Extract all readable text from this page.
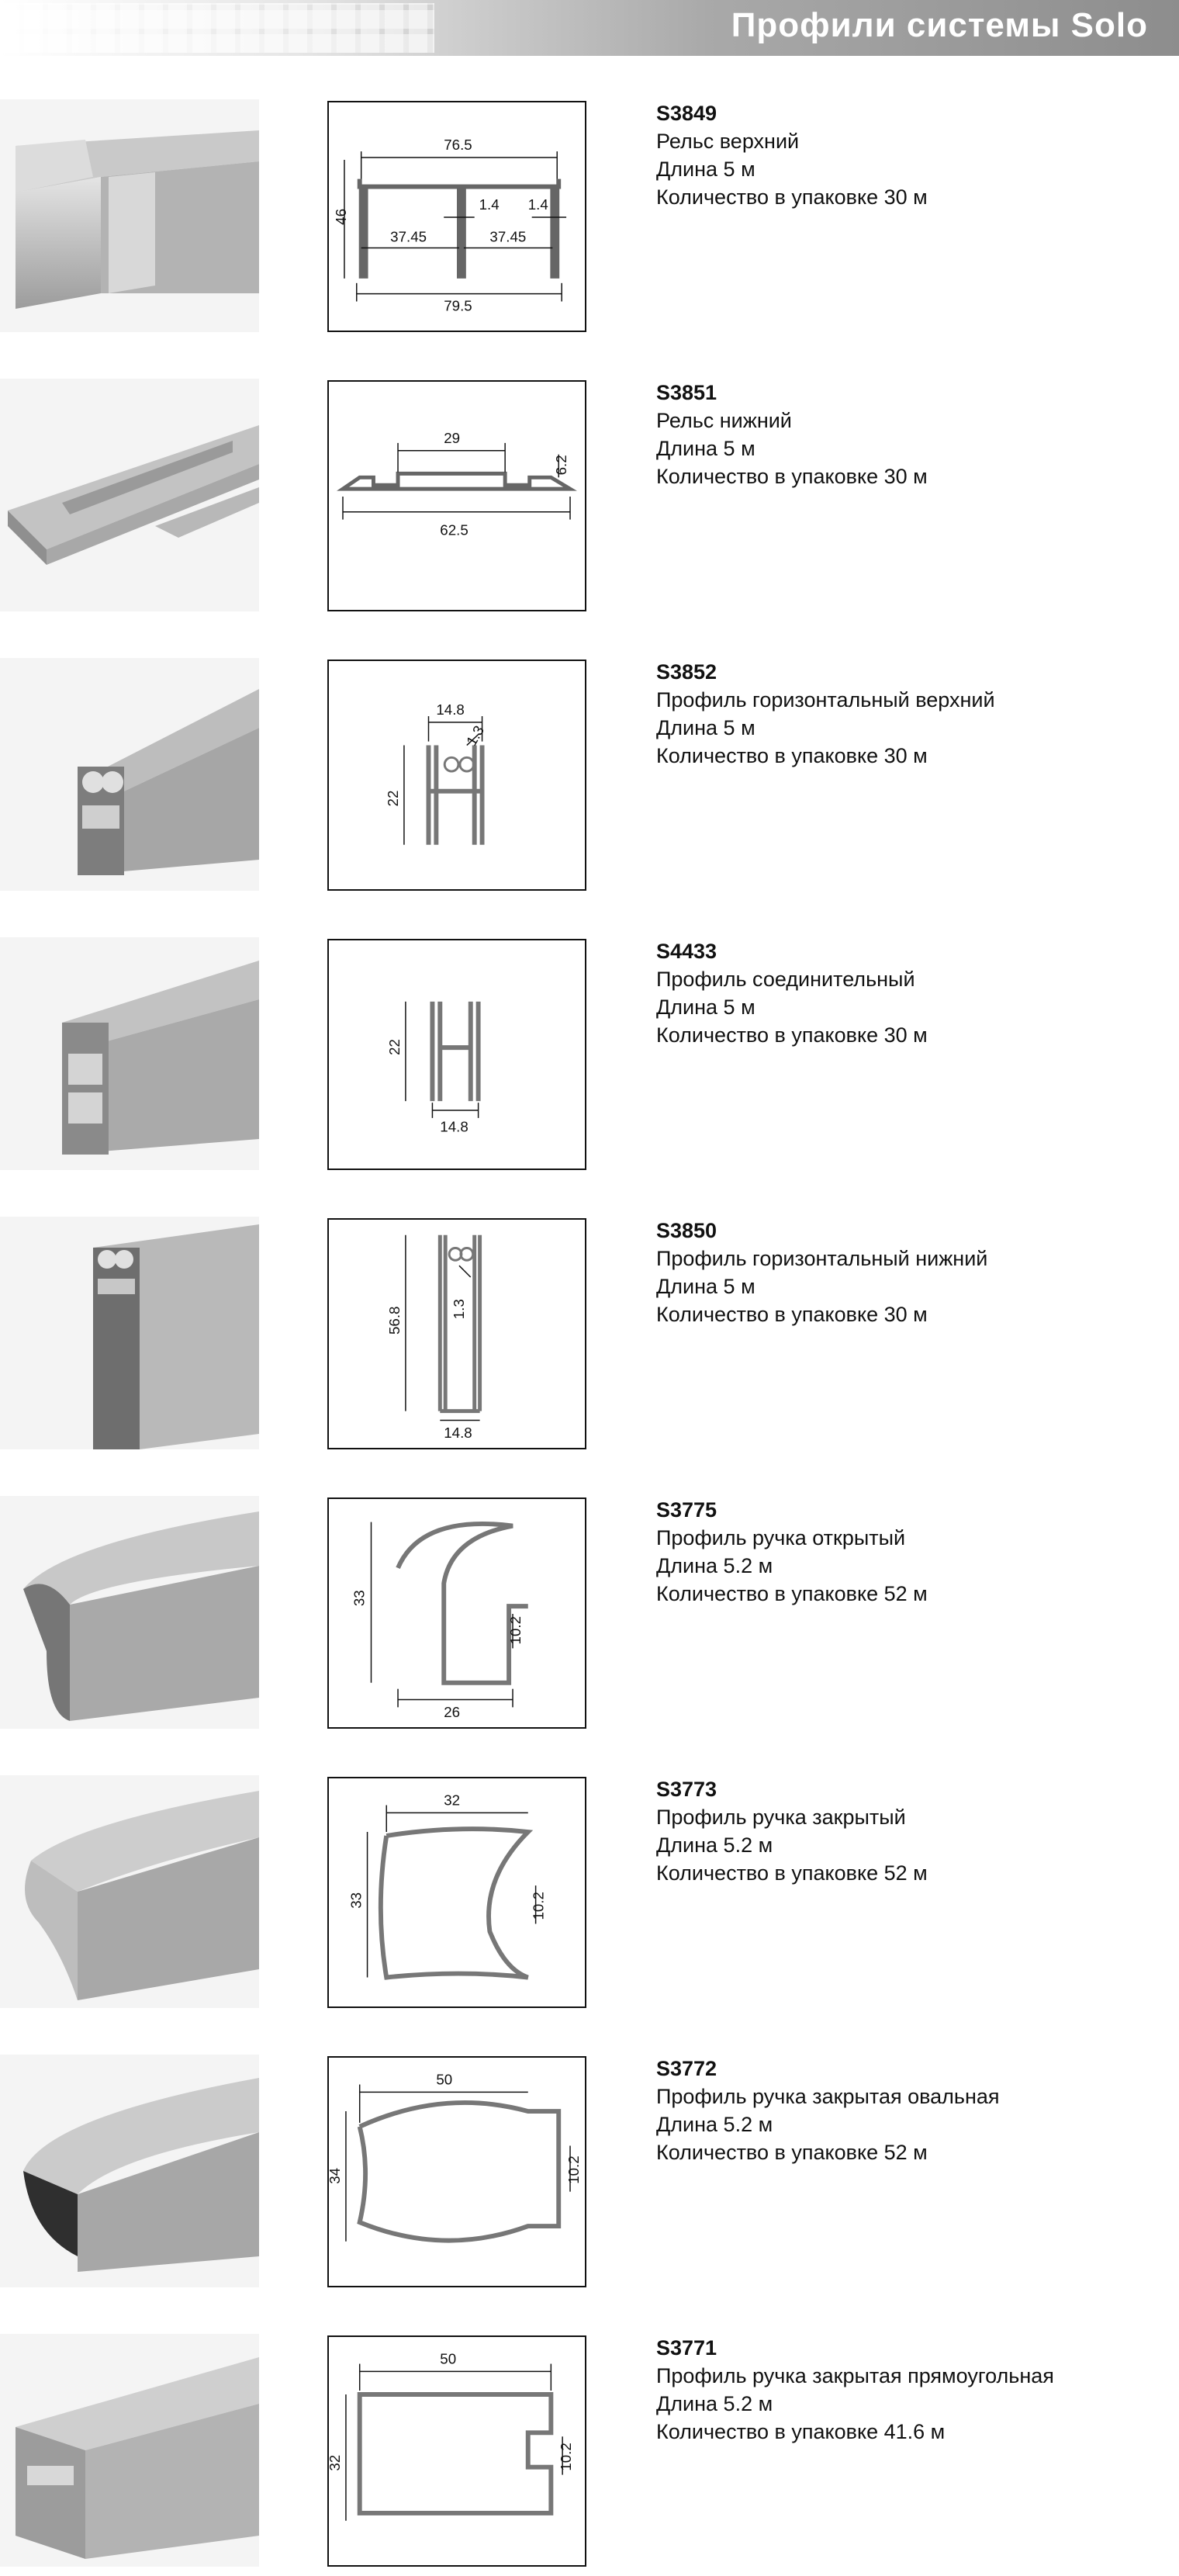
Профили системы Solo
76.5
1.4 1.4
37.45	37.45
79.5
46
S3849
Рельс верхний
Длина 5 м
Количество в упаковке 30 м
29
6.2
62.5
S3851
Рельс нижний
Длина 5 м
Количество в упаковке 30 м
14.8
1.3
22
S3852
Профиль горизонтальный верхний
Длина 5 м
Количество в упаковке 30 м
22
14.8
S4433
Профиль соединительный
Длина 5 м
Количество в упаковке 30 м
56.8	1.3
14.8
S3850
Профиль горизонтальный нижний
Длина 5 м
Количество в упаковке 30 м
33
10.2
26
S3775
Профиль ручка открытый
Длина 5.2 м
Количество в упаковке 52 м
32
33	10.2
S3773
Профиль ручка закрытый
Длина 5.2 м
Количество в упаковке 52 м
50
34	10.2
S3772
Профиль ручка закрытая овальная
Длина 5.2 м
Количество в упаковке 52 м
50
32	10.2
S3771
Профиль ручка закрытая прямоугольная
Длина 5.2 м
Количество в упаковке 41.6 м
